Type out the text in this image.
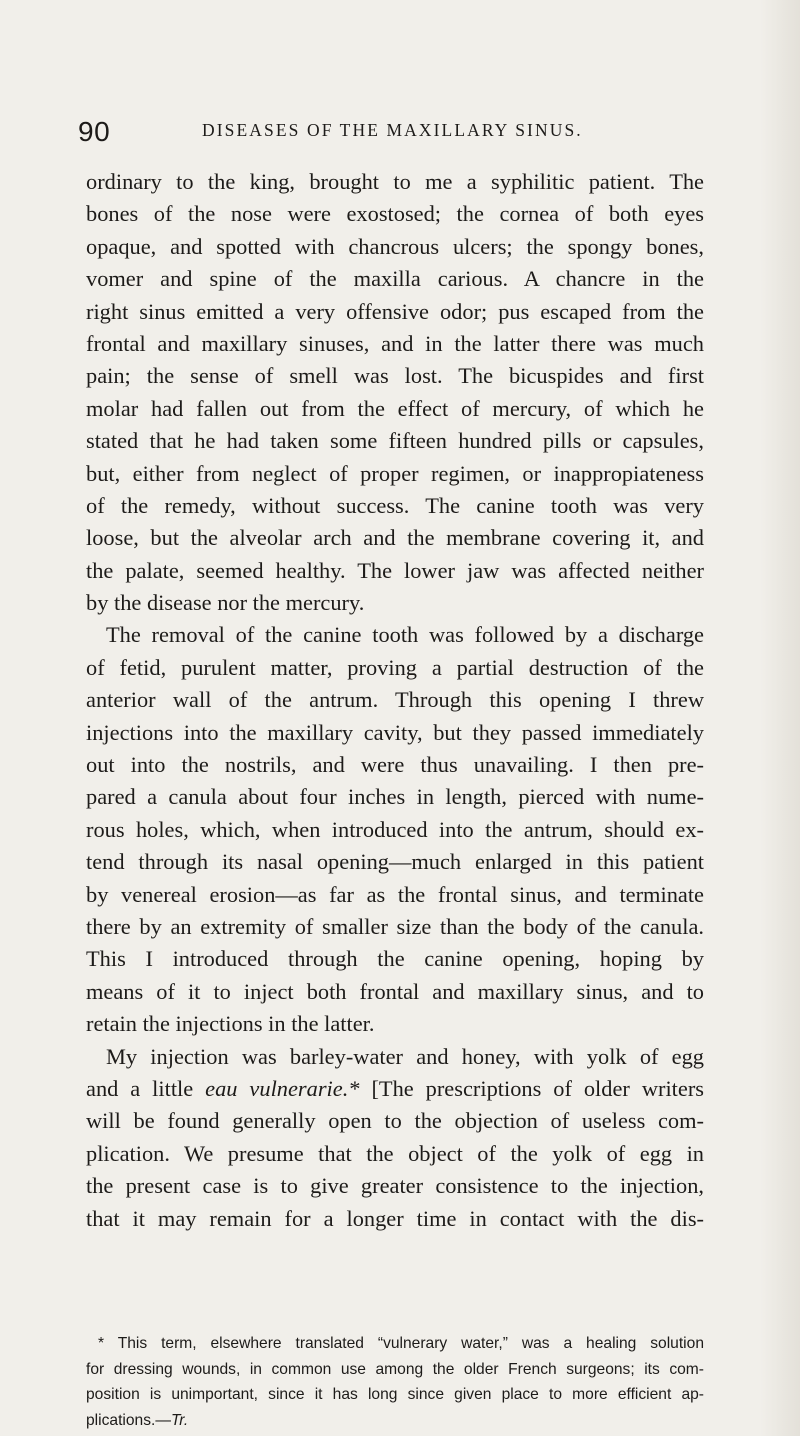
90	DISEASES OF THE MAXILLARY SINUS.
ordinary to the king, brought to me a syphilitic patient. The
bones of the nose were exostosed; the cornea of both eyes
opaque, and spotted with chancrous ulcers; the spongy bones,
vomer and spine of the maxilla carious. A chancre in the
right sinus emitted a very offensive odor; pus escaped from the
frontal and maxillary sinuses, and in the latter there was much
pain; the sense of smell was lost. The bicuspides and first
molar had fallen out from the effect of mercury, of which he
stated that he had taken some fifteen hundred pills or capsules,
but, either from neglect of proper regimen, or inappropiateness
of the remedy, without success. The canine tooth was very
loose, but the alveolar arch and the membrane covering it, and
the palate, seemed healthy. The lower jaw was affected neither
by the disease nor the mercury.
The removal of the canine tooth was followed by a discharge
of fetid, purulent matter, proving a partial destruction of the
anterior wall of the antrum. Through this opening I threw
injections into the maxillary cavity, but they passed immediately
out into the nostrils, and were thus unavailing. I then pre-
pared a canula about four inches in length, pierced with nume-
rous holes, which, when introduced into the antrum, should ex-
tend through its nasal opening—much enlarged in this patient
by venereal erosion—as far as the frontal sinus, and terminate
there by an extremity of smaller size than the body of the canula.
This I introduced through the canine opening, hoping by
means of it to inject both frontal and maxillary sinus, and to
retain the injections in the latter.
My injection was barley-water and honey, with yolk of egg
and a little eau vulnerarie.* [The prescriptions of older writers
will be found generally open to the objection of useless com-
plication. We presume that the object of the yolk of egg in
the present case is to give greater consistence to the injection,
that it may remain for a longer time in contact with the dis-
* This term, elsewhere translated “vulnerary water,” was a healing solution
for dressing wounds, in common use among the older French surgeons; its com-
position is unimportant, since it has long since given place to more efficient ap-
plications.—Tr.
